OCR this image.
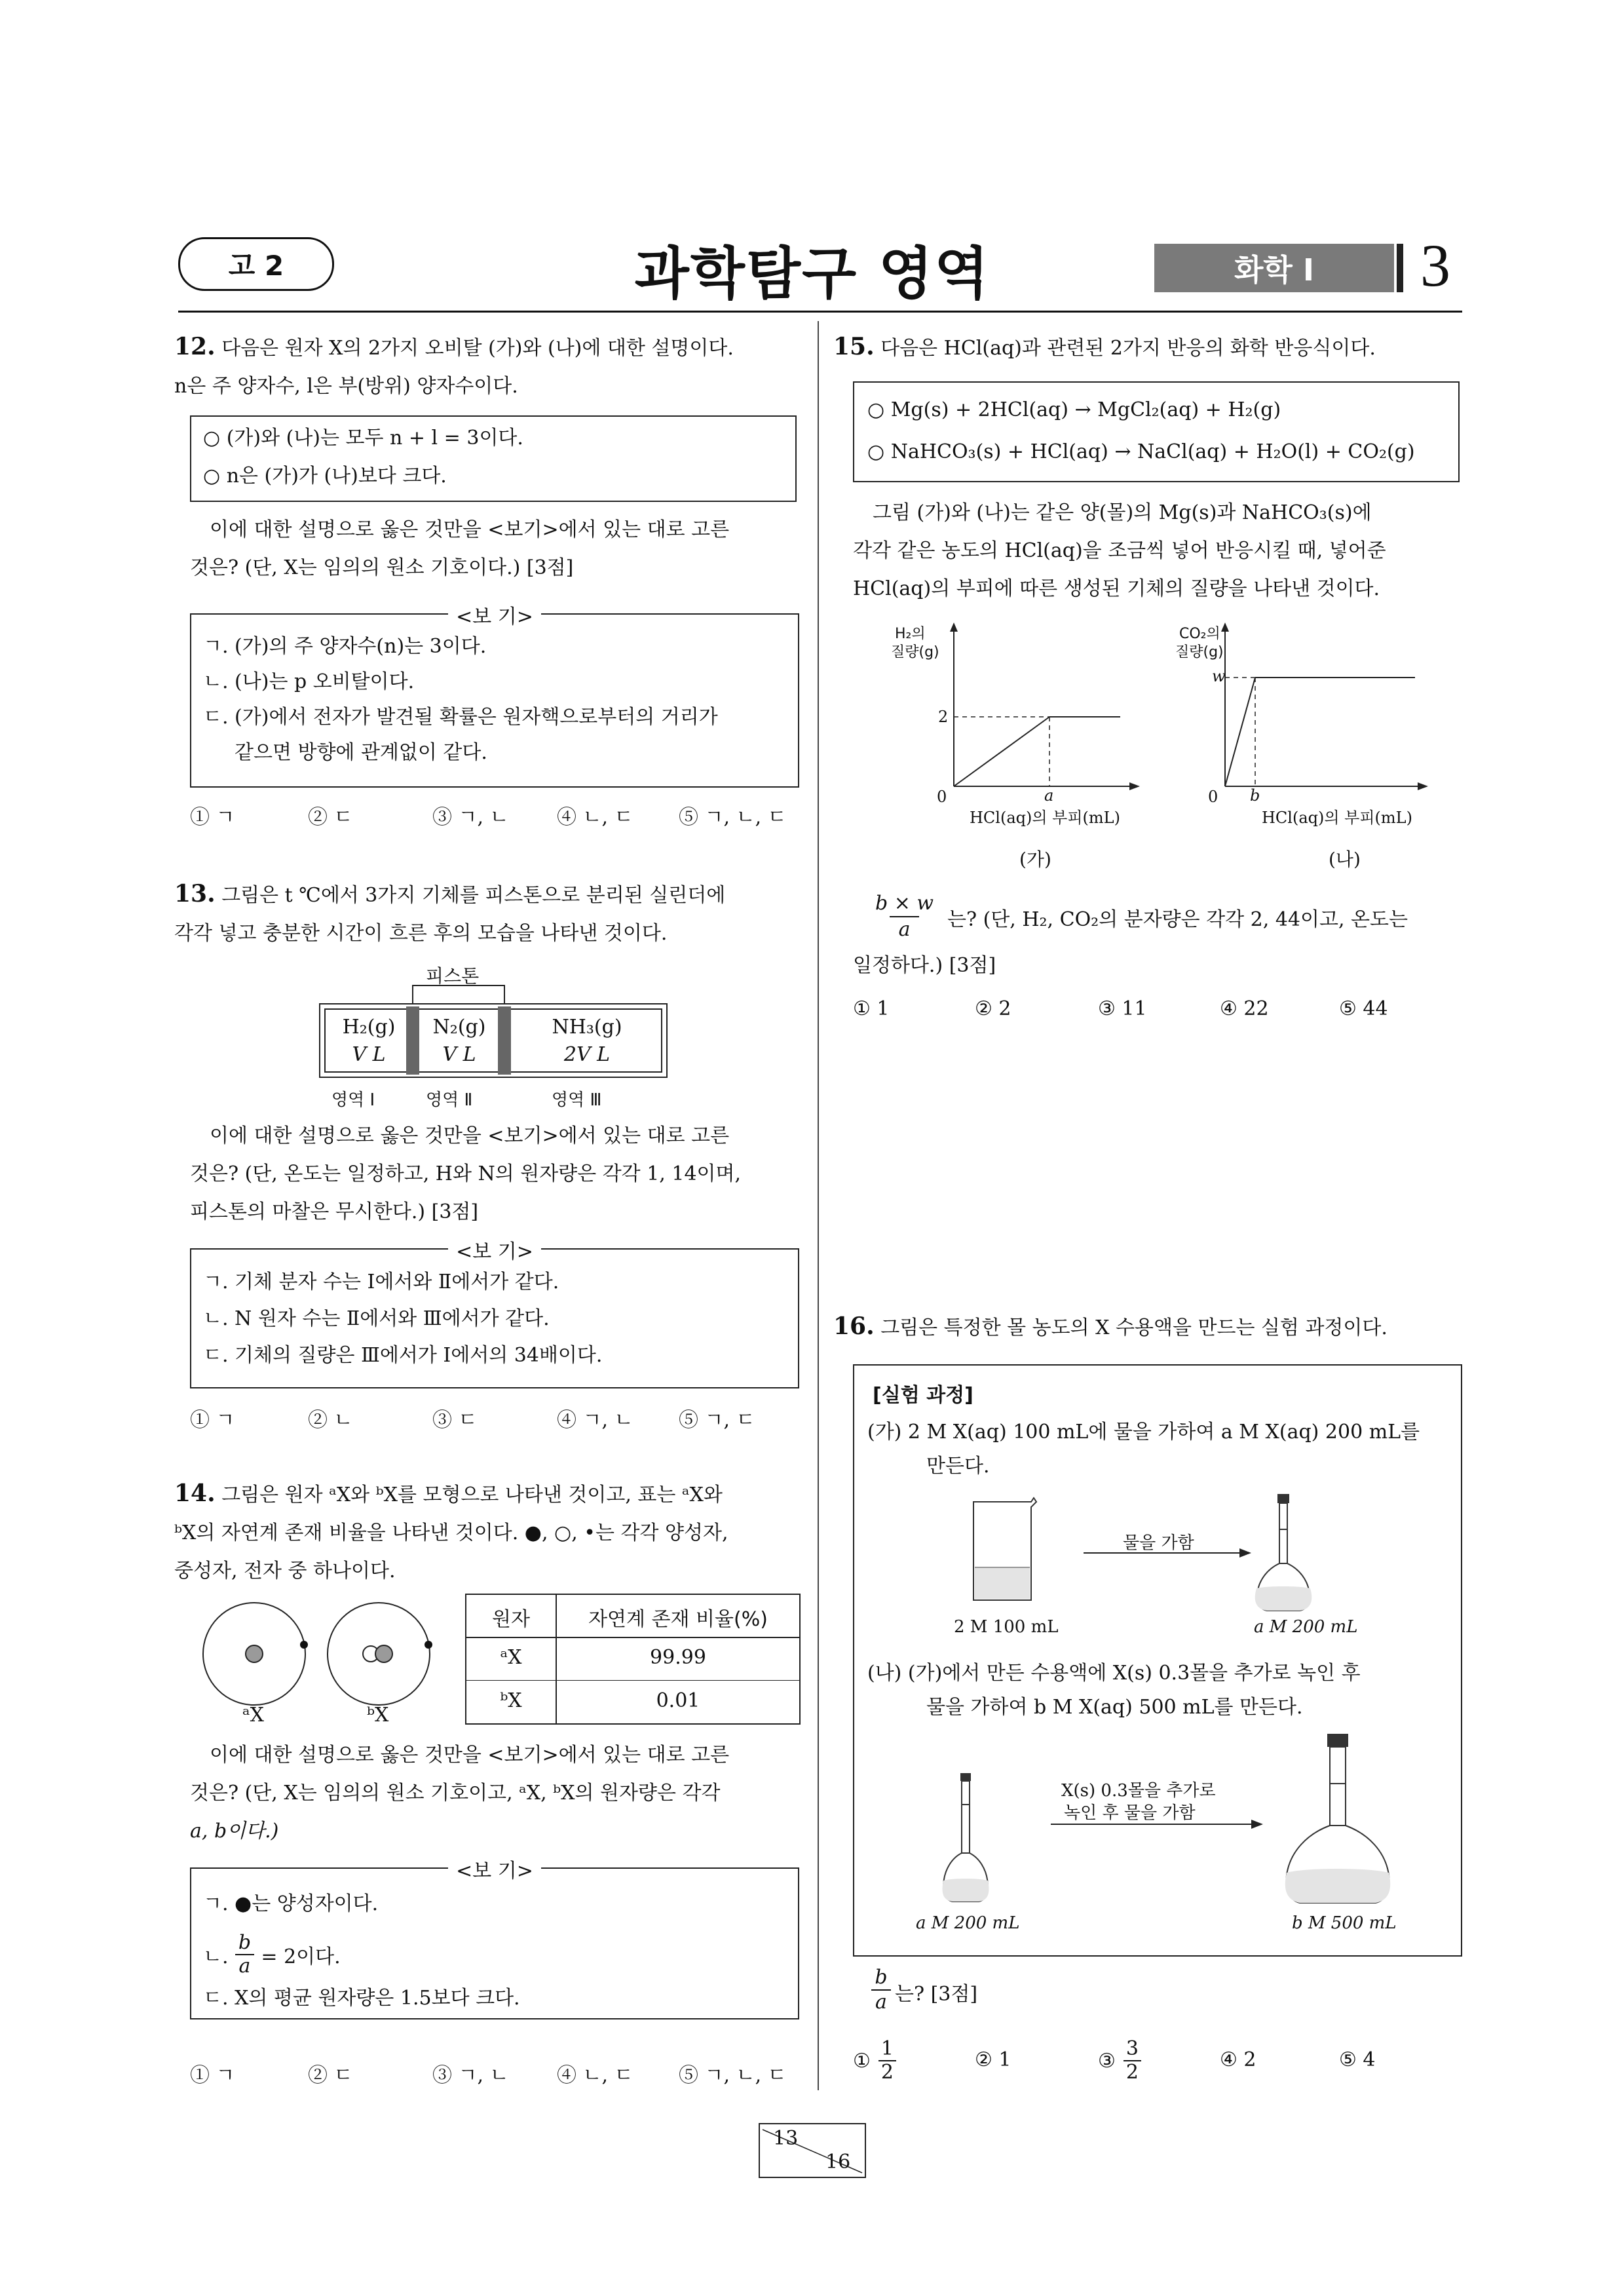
고 2	과학탐구 영역	화학 I	3
12. 다음은 원자 X의 2가지 오비탈 (가)와 (나)에 대한 설명이다.
n은 주 양자수, l은 부(방위) 양자수이다.
○ (가)와 (나)는 모두 n + l = 3이다.
○ n은 (가)가 (나)보다 크다.
이에 대한 설명으로 옳은 것만을 <보기>에서 있는 대로 고른
것은? (단, X는 임의의 원소 기호이다.) [3점]
<보 기>
ㄱ. (가)의 주 양자수(n)는 3이다.
ㄴ. (나)는 p 오비탈이다.
ㄷ. (가)에서 전자가 발견될 확률은 원자핵으로부터의 거리가
같으면 방향에 관계없이 같다.
① ㄱ	② ㄷ	③ ㄱ, ㄴ ④ ㄴ, ㄷ ⑤ ㄱ, ㄴ, ㄷ
13. 그림은 t ℃에서 3가지 기체를 피스톤으로 분리된 실린더에
각각 넣고 충분한 시간이 흐른 후의 모습을 나타낸 것이다.
피스톤
H₂(g)
V L
N₂(g)
V L
NH₃(g)
2V L
영역 Ⅰ	영역 Ⅱ	영역 Ⅲ
이에 대한 설명으로 옳은 것만을 <보기>에서 있는 대로 고른
것은? (단, 온도는 일정하고, H와 N의 원자량은 각각 1, 14이며,
피스톤의 마찰은 무시한다.) [3점]
<보 기>
ㄱ. 기체 분자 수는 Ⅰ에서와 Ⅱ에서가 같다.
ㄴ. N 원자 수는 Ⅱ에서와 Ⅲ에서가 같다.
ㄷ. 기체의 질량은 Ⅲ에서가 Ⅰ에서의 34배이다.
① ㄱ	② ㄴ	③ ㄷ	④ ㄱ, ㄴ ⑤ ㄱ, ㄷ
14. 그림은 원자 ᵃX와 ᵇX를 모형으로 나타낸 것이고, 표는 ᵃX와
ᵇX의 자연계 존재 비율을 나타낸 것이다. ●, ○, •는 각각 양성자,
중성자, 전자 중 하나이다.
ᵃX	ᵇX
원자	자연계 존재 비율(%)
ᵃX	99.99
ᵇX	0.01
이에 대한 설명으로 옳은 것만을 <보기>에서 있는 대로 고른
것은? (단, X는 임의의 원소 기호이고, ᵃX, ᵇX의 원자량은 각각
a, b이다.)
<보 기>
ㄱ. ●는 양성자이다.
ㄴ. $\frac{b}{a} = 2$이다.
ㄷ. X의 평균 원자량은 1.5보다 크다.
① ㄱ	② ㄷ	③ ㄱ, ㄴ ④ ㄴ, ㄷ ⑤ ㄱ, ㄴ, ㄷ
15. 다음은 HCl(aq)과 관련된 2가지 반응의 화학 반응식이다.
○ Mg(s) + 2HCl(aq) → MgCl₂(aq) + H₂(g)
○ NaHCO₃(s) + HCl(aq) → NaCl(aq) + H₂O(l) + CO₂(g)
그림 (가)와 (나)는 같은 양(몰)의 Mg(s)과 NaHCO₃(s)에
각각 같은 농도의 HCl(aq)을 조금씩 넣어 반응시킬 때, 넣어준
HCl(aq)의 부피에 따른 생성된 기체의 질량을 나타낸 것이다.
H₂의
질량(g)
2
0	a
HCl(aq)의 부피(mL)
(가)
CO₂의
질량(g)
w
0 b
HCl(aq)의 부피(mL)
(나)
$\frac{b \times w}{a}$ 는? (단, H₂, CO₂의 분자량은 각각 2, 44이고, 온도는
일정하다.) [3점]
① 1	② 2	③ 11	④ 22	⑤ 44
16. 그림은 특정한 몰 농도의 X 수용액을 만드는 실험 과정이다.
[실험 과정]
(가) 2 M X(aq) 100 mL에 물을 가하여 a M X(aq) 200 mL를
만든다.
물을 가함
2 M 100 mL	a M 200 mL
(나) (가)에서 만든 수용액에 X(s) 0.3몰을 추가로 녹인 후
물을 가하여 b M X(aq) 500 mL를 만든다.
X(s) 0.3몰을 추가로
녹인 후 물을 가함
a M 200 mL	b M 500 mL
$\frac{b}{a}$ 는? [3점]
① $\frac{1}{2}$	② 1	③ $\frac{3}{2}$	④ 2	⑤ 4
13
16
